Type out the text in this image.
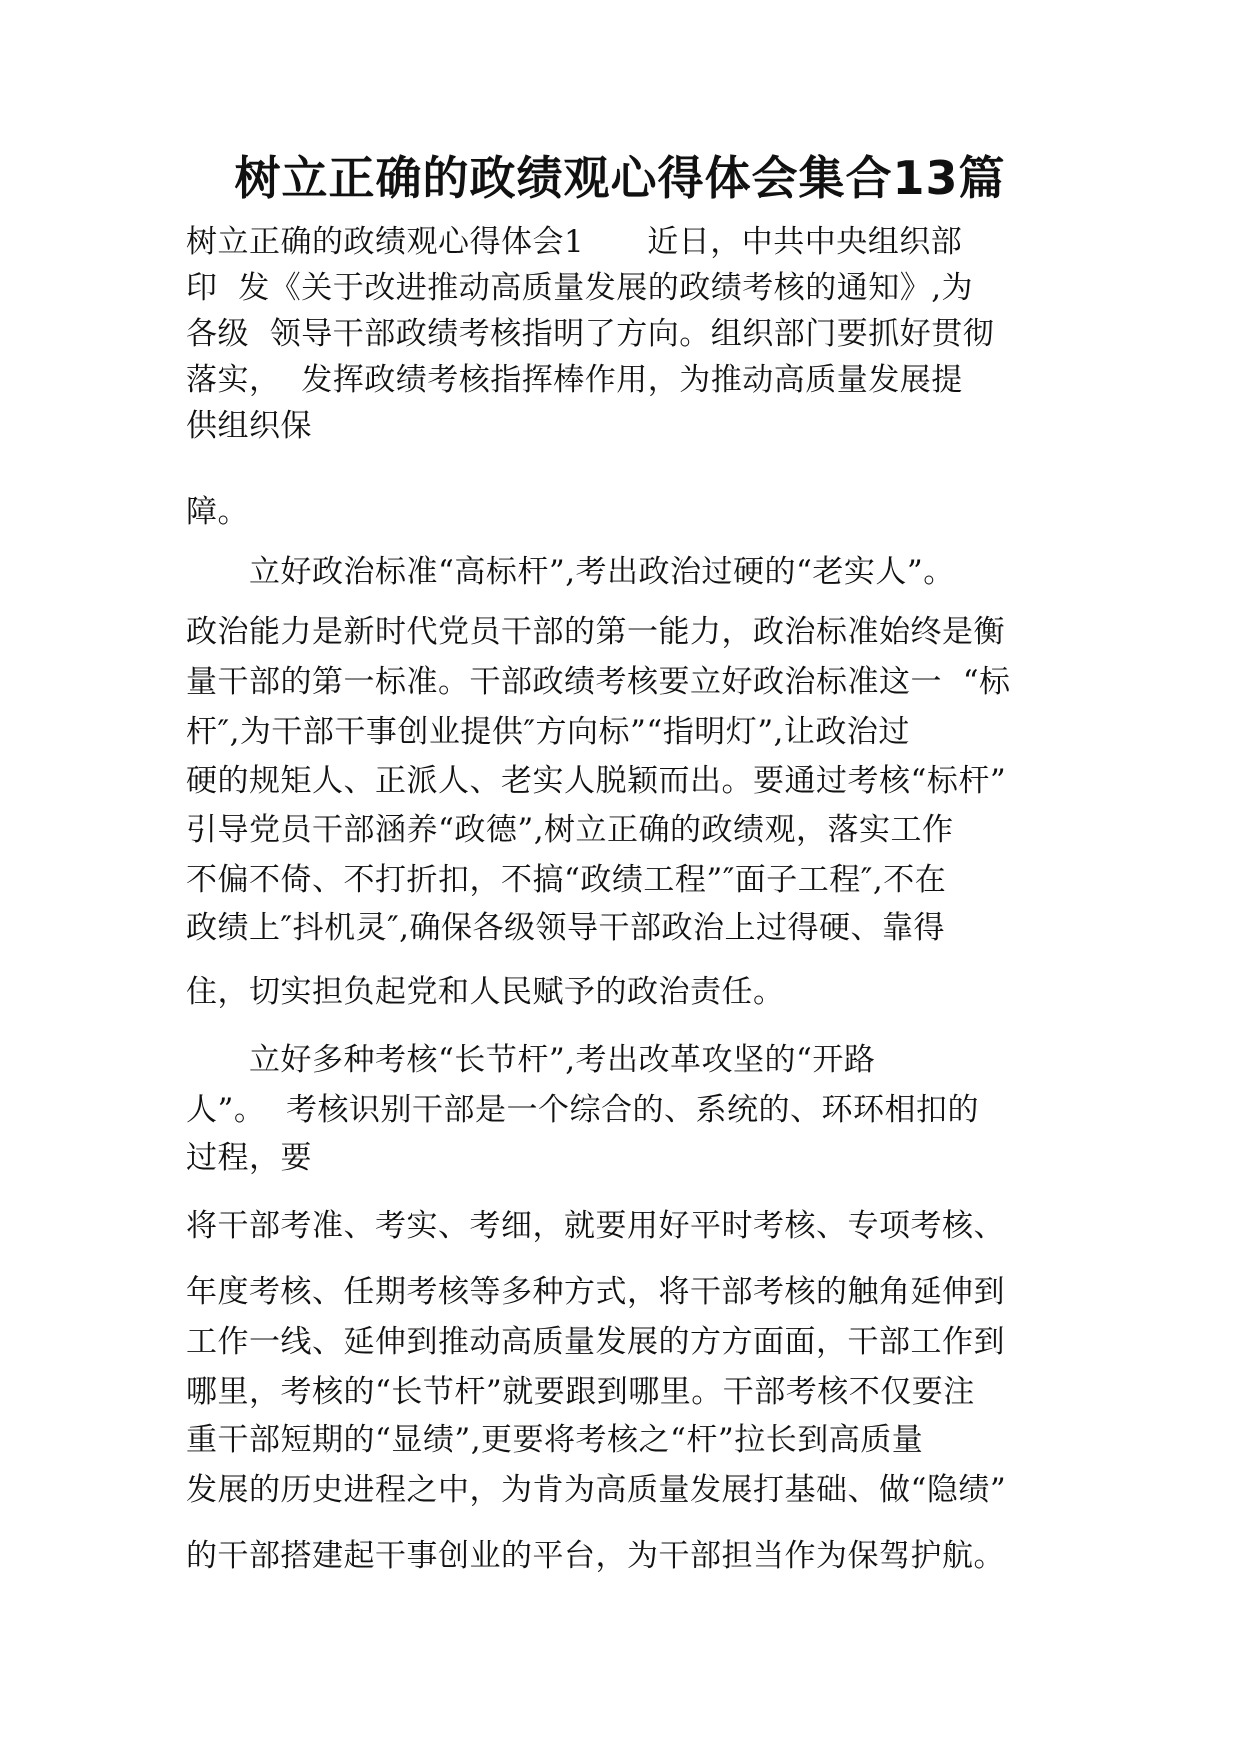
树立正确的政绩观心得体会集合13篇

树立正确的政绩观心得体会1　　近日，中共中央组织部

印  发《关于改进推动高质量发展的政绩考核的通知》,为

各级  领导干部政绩考核指明了方向。组织部门要抓好贯彻

落实，  发挥政绩考核指挥棒作用，为推动高质量发展提

供组织保

障。

　　立好政治标准“高标杆”,考出政治过硬的“老实人”。

政治能力是新时代党员干部的第一能力，政治标准始终是衡

量干部的第一标准。干部政绩考核要立好政治标准这一  “标

杆″,为干部干事创业提供″方向标”“指明灯”,让政治过

硬的规矩人、正派人、老实人脱颖而出。要通过考核“标杆”

引导党员干部涵养“政德”,树立正确的政绩观，落实工作

不偏不倚、不打折扣，不搞“政绩工程”″面子工程″,不在

政绩上″抖机灵″,确保各级领导干部政治上过得硬、靠得

住，切实担负起党和人民赋予的政治责任。

　　立好多种考核“长节杆”,考出改革攻坚的“开路

人”。  考核识别干部是一个综合的、系统的、环环相扣的

过程，要

将干部考准、考实、考细，就要用好平时考核、专项考核、

年度考核、任期考核等多种方式，将干部考核的触角延伸到

工作一线、延伸到推动高质量发展的方方面面，干部工作到

哪里，考核的“长节杆”就要跟到哪里。干部考核不仅要注

重干部短期的“显绩”,更要将考核之“杆”拉长到高质量

发展的历史进程之中，为肯为高质量发展打基础、做“隐绩”

的干部搭建起干事创业的平台，为干部担当作为保驾护航。
